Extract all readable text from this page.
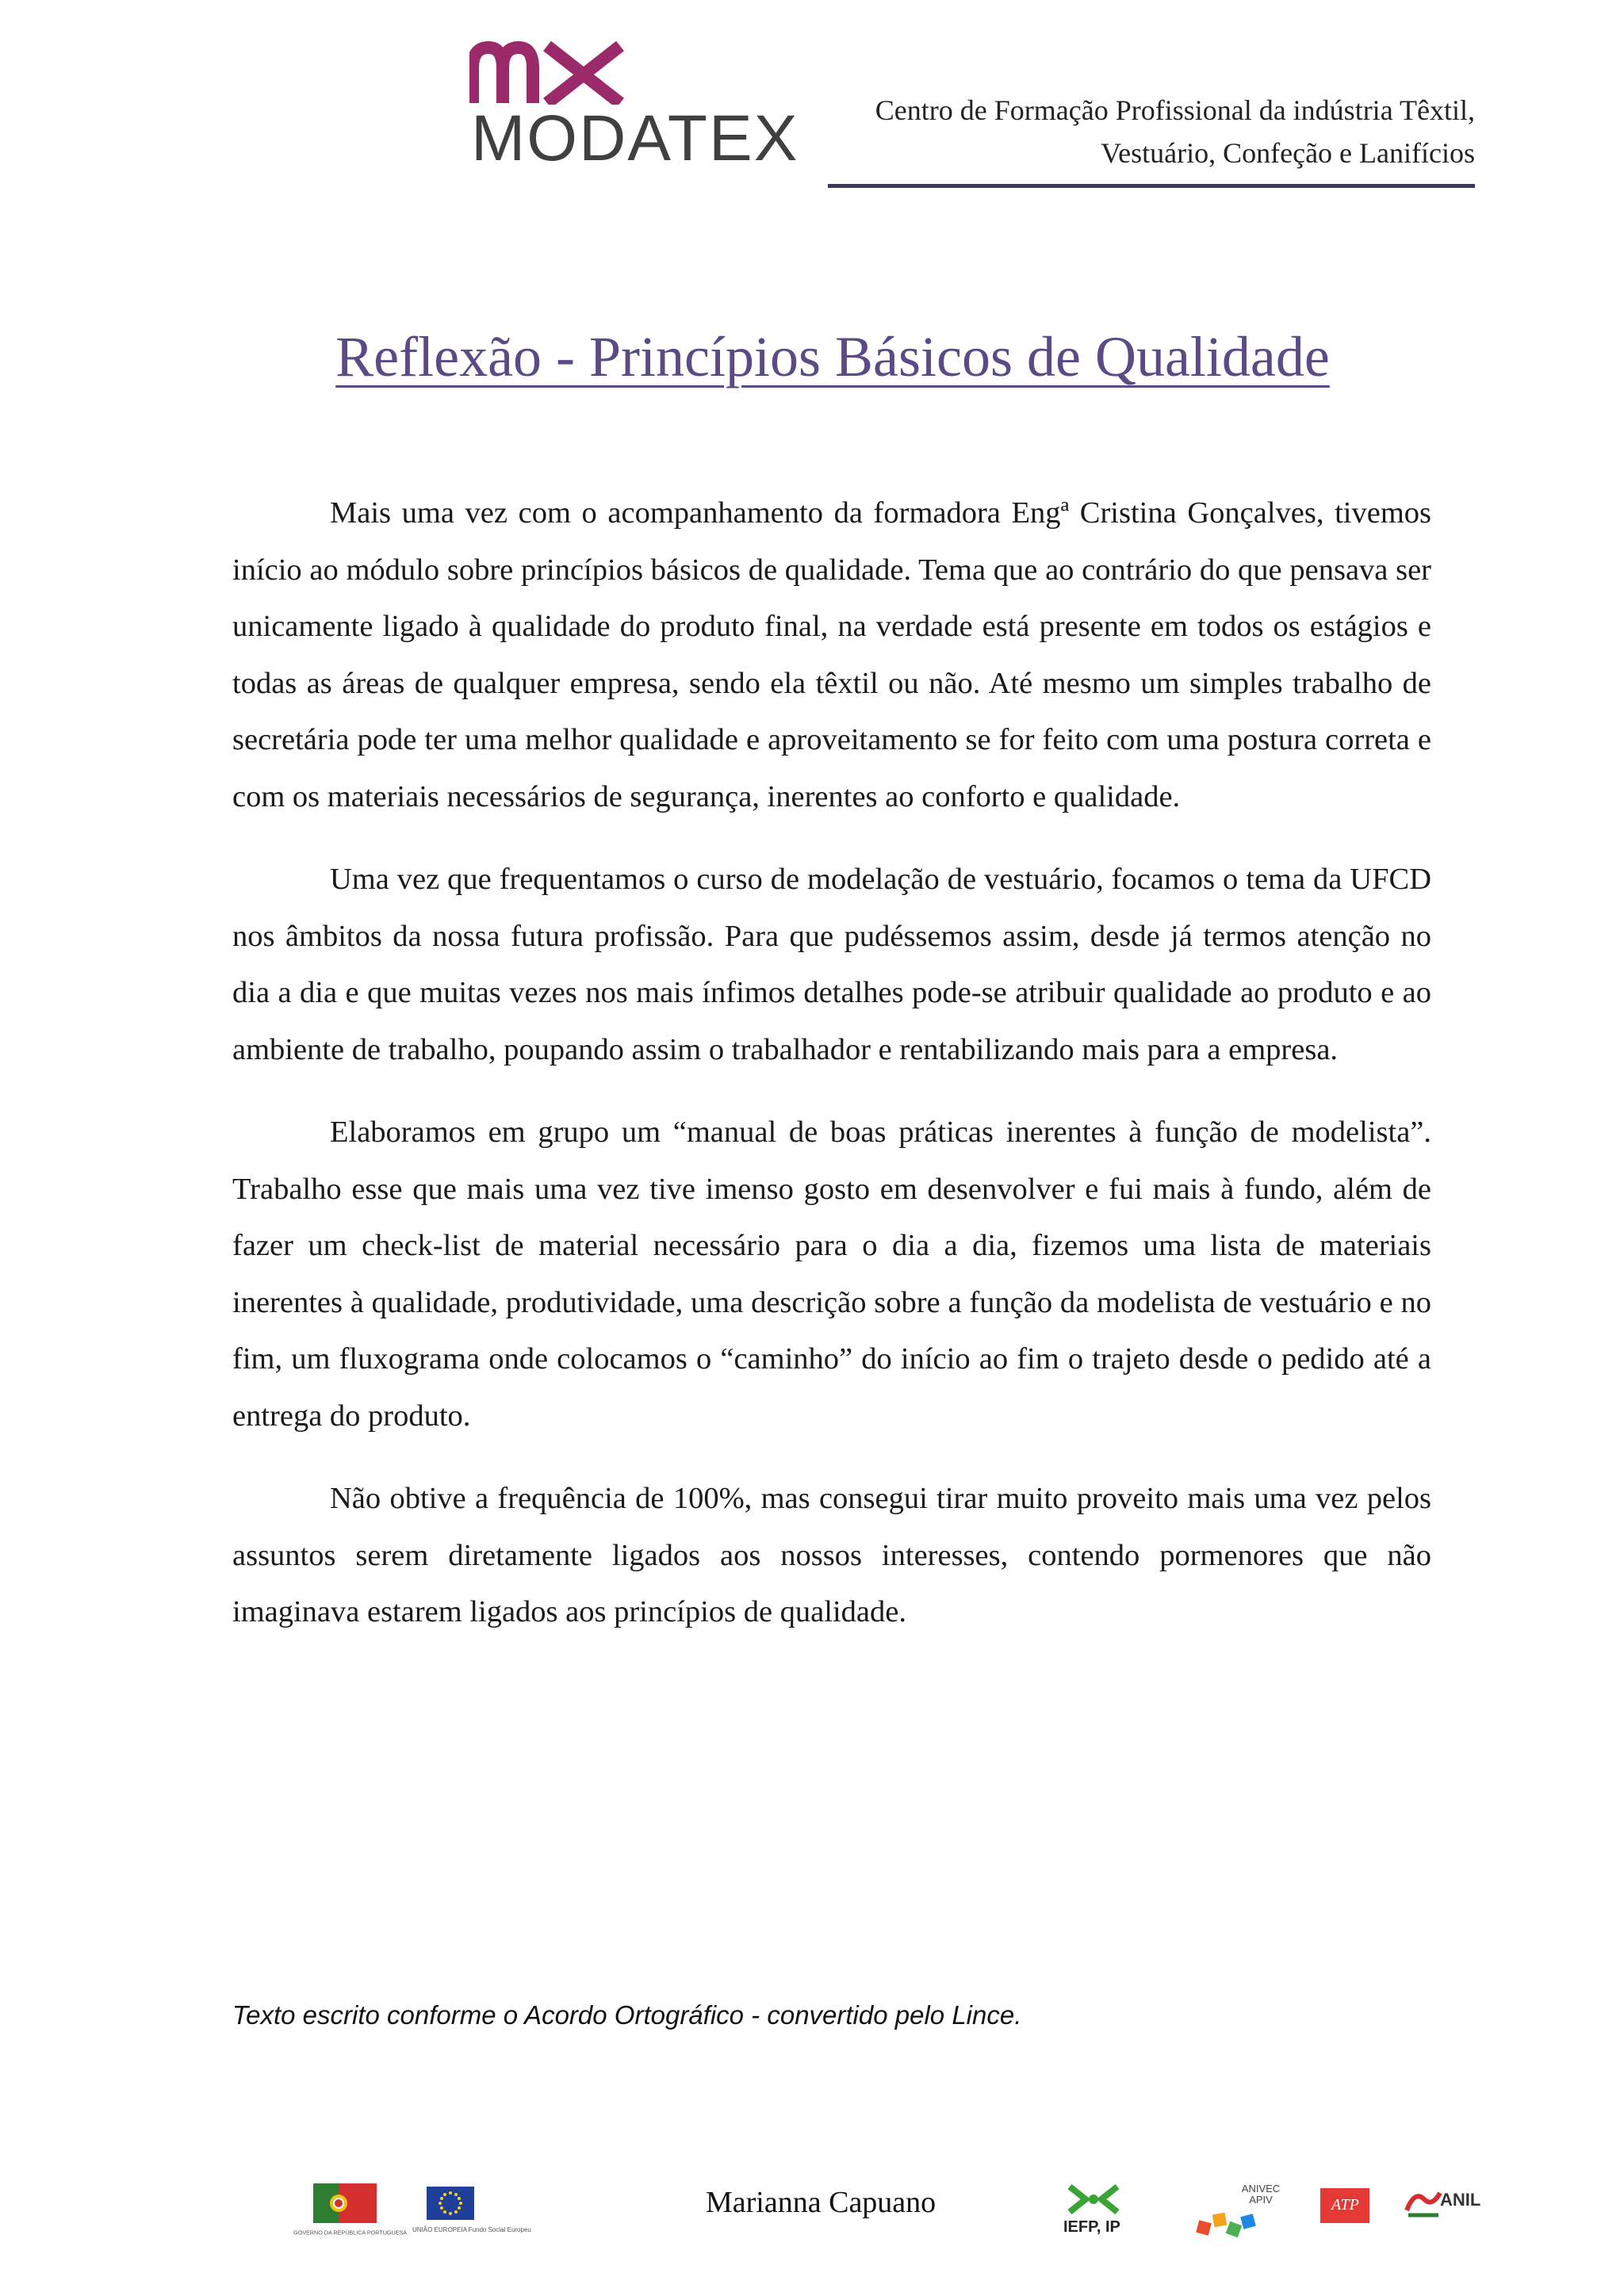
MODATEX	Centro de Formação Profissional da indústria Têxtil,
Vestuário, Confeção e Lanifícios
Reflexão - Princípios Básicos de Qualidade

Mais uma vez com o acompanhamento da formadora Engª Cristina Gonçalves, tivemos início ao módulo sobre princípios básicos de qualidade. Tema que ao contrário do que pensava ser unicamente ligado à qualidade do produto final, na verdade está presente em todos os estágios e todas as áreas de qualquer empresa, sendo ela têxtil ou não. Até mesmo um simples trabalho de secretária pode ter uma melhor qualidade e aproveitamento se for feito com uma postura correta e com os materiais necessários de segurança, inerentes ao conforto e qualidade.

Uma vez que frequentamos o curso de modelação de vestuário, focamos o tema da UFCD nos âmbitos da nossa futura profissão. Para que pudéssemos assim, desde já termos atenção no dia a dia e que muitas vezes nos mais ínfimos detalhes pode-se atribuir qualidade ao produto e ao ambiente de trabalho, poupando assim o trabalhador e rentabilizando mais para a empresa.

Elaboramos em grupo um “manual de boas práticas inerentes à função de modelista”. Trabalho esse que mais uma vez tive imenso gosto em desenvolver e fui mais à fundo, além de fazer um check-list de material necessário para o dia a dia, fizemos uma lista de materiais inerentes à qualidade, produtividade, uma descrição sobre a função da modelista de vestuário e no fim, um fluxograma onde colocamos o “caminho” do início ao fim o trajeto desde o pedido até a entrega do produto.

Não obtive a frequência de 100%, mas consegui tirar muito proveito mais uma vez pelos assuntos serem diretamente ligados aos nossos interesses, contendo pormenores que não imaginava estarem ligados aos princípios de qualidade.

Texto escrito conforme o Acordo Ortográfico - convertido pelo Lince.
GOVERNO DA REPÚBLICA PORTUGUESA UNIÃO EUROPEIA Fundo Social Europeu
Marianna Capuano
IEFP, IP
ANIVEC APIV	ATP	ANIL
